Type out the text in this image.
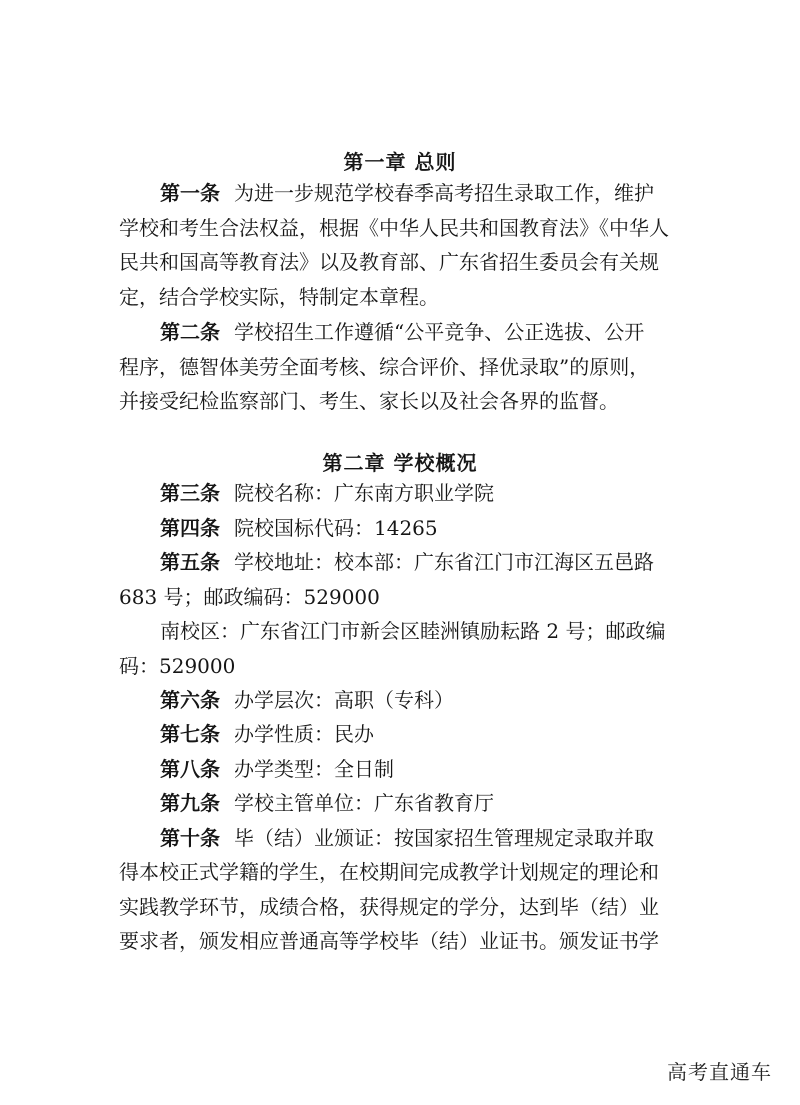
第一章 总则
第一条 为进一步规范学校春季高考招生录取工作，维护
学校和考生合法权益，根据《中华人民共和国教育法》《中华人
民共和国高等教育法》以及教育部、广东省招生委员会有关规
定，结合学校实际，特制定本章程。
第二条 学校招生工作遵循“公平竞争、公正选拔、公开
程序，德智体美劳全面考核、综合评价、择优录取”的原则，
并接受纪检监察部门、考生、家长以及社会各界的监督。
第二章 学校概况
第三条 院校名称：广东南方职业学院
第四条 院校国标代码：14265
第五条 学校地址：校本部：广东省江门市江海区五邑路
683 号；邮政编码：529000
南校区：广东省江门市新会区睦洲镇励耘路 2 号；邮政编
码：529000
第六条 办学层次：高职（专科）
第七条 办学性质：民办
第八条 办学类型：全日制
第九条 学校主管单位：广东省教育厅
第十条 毕（结）业颁证：按国家招生管理规定录取并取
得本校正式学籍的学生，在校期间完成教学计划规定的理论和
实践教学环节，成绩合格，获得规定的学分，达到毕（结）业
要求者，颁发相应普通高等学校毕（结）业证书。颁发证书学
高考直通车
